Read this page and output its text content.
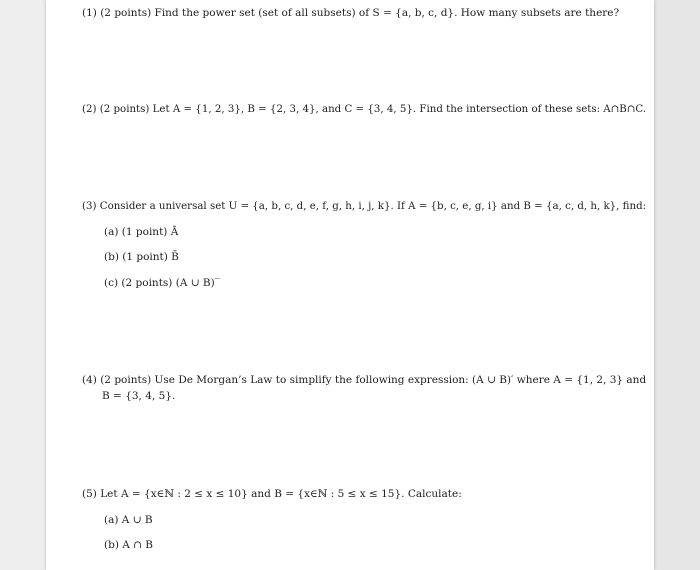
(1) (2 points) Find the power set (set of all subsets) of S = {a, b, c, d}. How many subsets are there?
(2) (2 points) Let A = {1, 2, 3}, B = {2, 3, 4}, and C = {3, 4, 5}. Find the intersection of these sets: A∩B∩C.
(3) Consider a universal set U = {a, b, c, d, e, f, g, h, i, j, k}. If A = {b, c, e, g, i} and B = {a, c, d, h, k}, find:
(a) (1 point) Ā
(b) (1 point) B̄
(c) (2 points) (A ∪ B)‾
(4) (2 points) Use De Morgan’s Law to simplify the following expression: (A ∪ B)′ where A = {1, 2, 3} and
B = {3, 4, 5}.
(5) Let A = {x∈ℕ : 2 ≤ x ≤ 10} and B = {x∈ℕ : 5 ≤ x ≤ 15}. Calculate:
(a) A ∪ B
(b) A ∩ B
